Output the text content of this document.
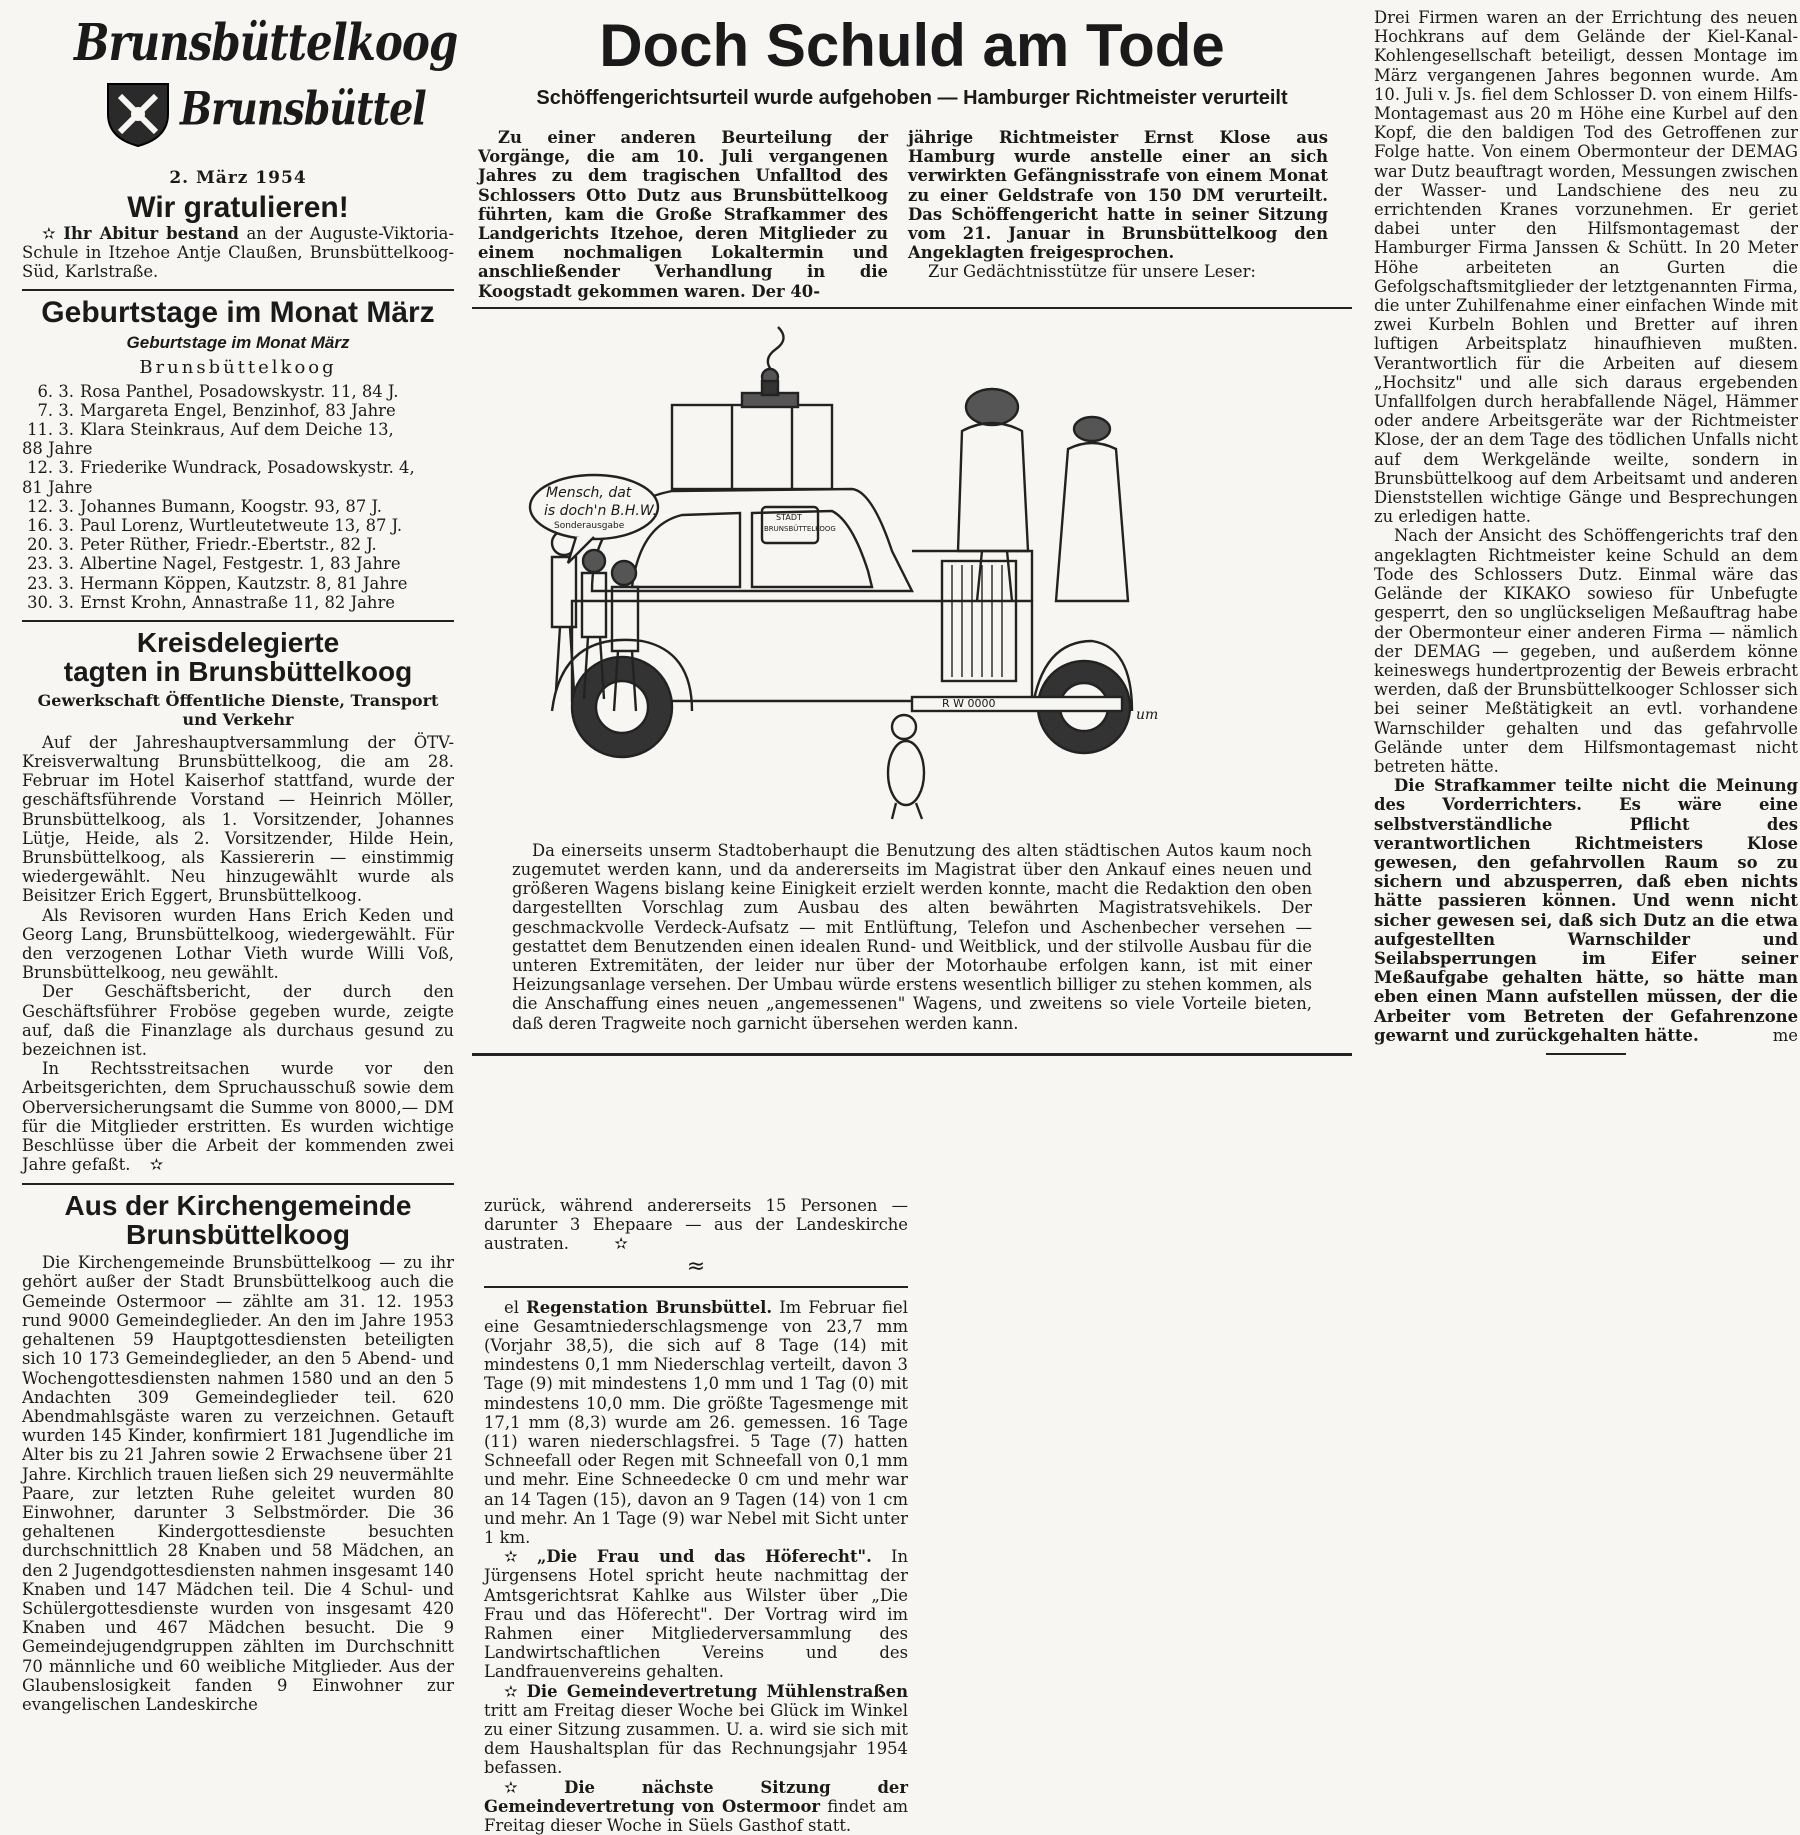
Brunsbüttelkoog
Brunsbüttel
2. März 1954
Wir gratulieren!

✫ Ihr Abitur bestand an der Auguste-Viktoria-Schule in Itzehoe Antje Claußen, Brunsbüttelkoog-Süd, Karlstraße.

Geburtstage im Monat März
Geburtstage im Monat März
Brunsbüttelkoog
6. 3. Rosa Panthel, Posadowskystr. 11, 84 J.
7. 3. Margareta Engel, Benzinhof, 83 Jahre
11. 3. Klara Steinkraus, Auf dem Deiche 13,
88 Jahre
12. 3. Friederike Wundrack, Posadowskystr. 4,
81 Jahre
12. 3. Johannes Bumann, Koogstr. 93, 87 J.
16. 3. Paul Lorenz, Wurtleutetweute 13, 87 J.
20. 3. Peter Rüther, Friedr.-Ebertstr., 82 J.
23. 3. Albertine Nagel, Festgestr. 1, 83 Jahre
23. 3. Hermann Köppen, Kautzstr. 8, 81 Jahre
30. 3. Ernst Krohn, Annastraße 11, 82 Jahre
Kreisdelegierte
tagten in Brunsbüttelkoog
Gewerkschaft Öffentliche Dienste, Transport und Verkehr

Auf der Jahreshauptversammlung der ÖTV-Kreisverwaltung Brunsbüttelkoog, die am 28. Februar im Hotel Kaiserhof stattfand, wurde der geschäftsführende Vorstand — Heinrich Möller, Brunsbüttelkoog, als 1. Vorsitzender, Johannes Lütje, Heide, als 2. Vorsitzender, Hilde Hein, Brunsbüttelkoog, als Kassiererin — einstimmig wiedergewählt. Neu hinzugewählt wurde als Beisitzer Erich Eggert, Brunsbüttelkoog.

Als Revisoren wurden Hans Erich Keden und Georg Lang, Brunsbüttelkoog, wiedergewählt. Für den verzogenen Lothar Vieth wurde Willi Voß, Brunsbüttelkoog, neu gewählt.

Der Geschäftsbericht, der durch den Geschäftsführer Froböse gegeben wurde, zeigte auf, daß die Finanzlage als durchaus gesund zu bezeichnen ist.

In Rechtsstreitsachen wurde vor den Arbeitsgerichten, dem Spruchausschuß sowie dem Oberversicherungsamt die Summe von 8000,— DM für die Mitglieder erstritten. Es wurden wichtige Beschlüsse über die Arbeit der kommenden zwei Jahre gefaßt. ✫

Aus der Kirchengemeinde
Brunsbüttelkoog

Die Kirchengemeinde Brunsbüttelkoog — zu ihr gehört außer der Stadt Brunsbüttelkoog auch die Gemeinde Ostermoor — zählte am 31. 12. 1953 rund 9000 Gemeindeglieder. An den im Jahre 1953 gehaltenen 59 Hauptgottesdiensten beteiligten sich 10 173 Gemeindeglieder, an den 5 Abend- und Wochengottesdiensten nahmen 1580 und an den 5 Andachten 309 Gemeindeglieder teil. 620 Abendmahlsgäste waren zu verzeichnen. Getauft wurden 145 Kinder, konfirmiert 181 Jugendliche im Alter bis zu 21 Jahren sowie 2 Erwachsene über 21 Jahre. Kirchlich trauen ließen sich 29 neuvermählte Paare, zur letzten Ruhe geleitet wurden 80 Einwohner, darunter 3 Selbstmörder. Die 36 gehaltenen Kindergottesdienste besuchten durchschnittlich 28 Knaben und 58 Mädchen, an den 2 Jugendgottesdiensten nahmen insgesamt 140 Knaben und 147 Mädchen teil. Die 4 Schul- und Schülergottesdienste wurden von insgesamt 420 Knaben und 467 Mädchen besucht. Die 9 Gemeindejugendgruppen zählten im Durchschnitt 70 männliche und 60 weibliche Mitglieder. Aus der Glaubenslosigkeit fanden 9 Einwohner zur evangelischen Landeskirche

Doch Schuld am Tode
Schöffengerichtsurteil wurde aufgehoben — Hamburger Richtmeister verurteilt

Zu einer anderen Beurteilung der Vorgänge, die am 10. Juli vergangenen Jahres zu dem tragischen Unfalltod des Schlossers Otto Dutz aus Brunsbüttelkoog führten, kam die Große Strafkammer des Landgerichts Itzehoe, deren Mitglieder zu einem nochmaligen Lokaltermin und anschließender Verhandlung in die Koogstadt gekommen waren. Der 40-

jährige Richtmeister Ernst Klose aus Hamburg wurde anstelle einer an sich verwirkten Gefängnisstrafe von einem Monat zu einer Geldstrafe von 150 DM verurteilt. Das Schöffengericht hatte in seiner Sitzung vom 21. Januar in Brunsbüttelkoog den Angeklagten freigesprochen.

Zur Gedächtnisstütze für unsere Leser:

Mensch, dat
is doch'n B.H.W.
Sonderausgabe
STADT
BRUNSBÜTTELKOOG
R W 0000
um

Da einerseits unserm Stadtoberhaupt die Benutzung des alten städtischen Autos kaum noch zugemutet werden kann, und da andererseits im Magistrat über den Ankauf eines neuen und größeren Wagens bislang keine Einigkeit erzielt werden konnte, macht die Redaktion den oben dargestellten Vorschlag zum Ausbau des alten bewährten Magistratsvehikels. Der geschmackvolle Verdeck-Aufsatz — mit Entlüftung, Telefon und Aschenbecher versehen — gestattet dem Benutzenden einen idealen Rund- und Weitblick, und der stilvolle Ausbau für die unteren Extremitäten, der leider nur über der Motorhaube erfolgen kann, ist mit einer Heizungsanlage versehen. Der Umbau würde erstens wesentlich billiger zu stehen kommen, als die Anschaffung eines neuen „angemessenen" Wagens, und zweitens so viele Vorteile bieten, daß deren Tragweite noch garnicht übersehen werden kann.

zurück, während andererseits 15 Personen — darunter 3 Ehepaare — aus der Landeskirche austraten.	✫

≈

el Regenstation Brunsbüttel. Im Februar fiel eine Gesamtniederschlagsmenge von 23,7 mm (Vorjahr 38,5), die sich auf 8 Tage (14) mit mindestens 0,1 mm Niederschlag verteilt, davon 3 Tage (9) mit mindestens 1,0 mm und 1 Tag (0) mit mindestens 10,0 mm. Die größte Tagesmenge mit 17,1 mm (8,3) wurde am 26. gemessen. 16 Tage (11) waren niederschlagsfrei. 5 Tage (7) hatten Schneefall oder Regen mit Schneefall von 0,1 mm und mehr. Eine Schneedecke 0 cm und mehr war an 14 Tagen (15), davon an 9 Tagen (14) von 1 cm und mehr. An 1 Tage (9) war Nebel mit Sicht unter 1 km.

✫ „Die Frau und das Höferecht". In Jürgensens Hotel spricht heute nachmittag der Amtsgerichtsrat Kahlke aus Wilster über „Die Frau und das Höferecht". Der Vortrag wird im Rahmen einer Mitgliederversammlung des Landwirtschaftlichen Vereins und des Landfrauenvereins gehalten.

✫ Die Gemeindevertretung Mühlenstraßen tritt am Freitag dieser Woche bei Glück im Winkel zu einer Sitzung zusammen. U. a. wird sie sich mit dem Haushaltsplan für das Rechnungsjahr 1954 befassen.

✫	Die nächste Sitzung der Gemeindevertretung von Ostermoor findet am Freitag dieser Woche in Süels Gasthof statt.

Drei Firmen waren an der Errichtung des neuen Hochkrans auf dem Gelände der Kiel-Kanal-Kohlengesellschaft beteiligt, dessen Montage im März vergangenen Jahres begonnen wurde. Am 10. Juli v. Js. fiel dem Schlosser D. von einem Hilfs-Montagemast aus 20 m Höhe eine Kurbel auf den Kopf, die den baldigen Tod des Getroffenen zur Folge hatte. Von einem Obermonteur der DEMAG war Dutz beauftragt worden, Messungen zwischen der Wasser- und Landschiene des neu zu errichtenden Kranes vorzunehmen. Er geriet dabei unter den Hilfsmontagemast der Hamburger Firma Janssen & Schütt. In 20 Meter Höhe arbeiteten an Gurten die Gefolgschaftsmitglieder der letztgenannten Firma, die unter Zuhilfenahme einer einfachen Winde mit zwei Kurbeln Bohlen und Bretter auf ihren luftigen Arbeitsplatz hinaufhieven mußten. Verantwortlich für die Arbeiten auf diesem „Hochsitz" und alle sich daraus ergebenden Unfallfolgen durch herabfallende Nägel, Hämmer oder andere Arbeitsgeräte war der Richtmeister Klose, der an dem Tage des tödlichen Unfalls nicht auf dem Werkgelände weilte, sondern in Brunsbüttelkoog auf dem Arbeitsamt und anderen Dienststellen wichtige Gänge und Besprechungen zu erledigen hatte.

Nach der Ansicht des Schöffengerichts traf den angeklagten Richtmeister keine Schuld an dem Tode des Schlossers Dutz. Einmal wäre das Gelände der KIKAKO sowieso für Unbefugte gesperrt, den so unglückseligen Meßauftrag habe der Obermonteur einer anderen Firma — nämlich der DEMAG — gegeben, und außerdem könne keineswegs hundertprozentig der Beweis erbracht werden, daß der Brunsbüttelkooger Schlosser sich bei seiner Meßtätigkeit an evtl. vorhandene Warnschilder gehalten und das gefahrvolle Gelände unter dem Hilfsmontagemast nicht betreten hätte.

Die Strafkammer teilte nicht die Meinung des Vorderrichters. Es wäre eine selbstverständliche Pflicht des verantwortlichen Richtmeisters Klose gewesen, den gefahrvollen Raum so zu sichern und abzusperren, daß eben nichts hätte passieren können. Und wenn nicht sicher gewesen sei, daß sich Dutz an die etwa aufgestellten Warnschilder und Seilabsperrungen im Eifer seiner Meßaufgabe gehalten hätte, so hätte man eben einen Mann aufstellen müssen, der die Arbeiter vom Betreten der Gefahrenzone gewarnt und zurückgehalten hätte.	me
